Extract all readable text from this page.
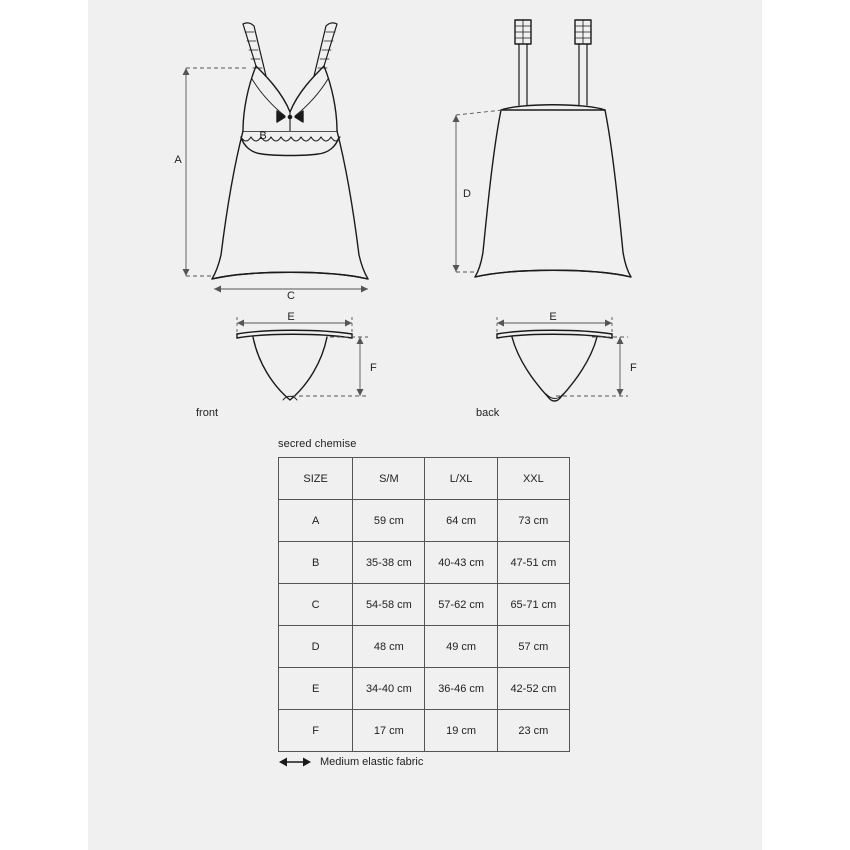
A
B
C
D
E
F
E
F
front	back
secred chemise
SIZE	S/M	L/XL	XXL
A	59 cm	64 cm	73 cm
B	35-38 cm	40-43 cm	47-51 cm
C	54-58 cm	57-62 cm	65-71 cm
D	48 cm	49 cm	57 cm
E	34-40 cm	36-46 cm	42-52 cm
F	17 cm	19 cm	23 cm
Medium elastic fabric
